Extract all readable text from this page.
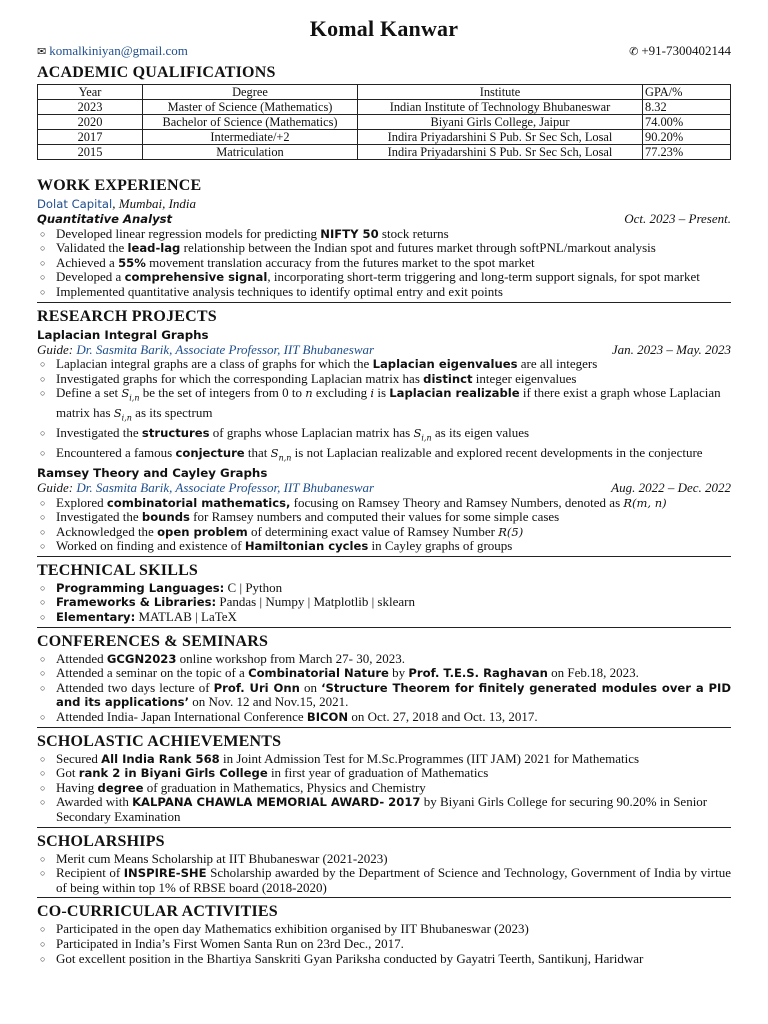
Komal Kanwar
✉ komalkiniyan@gmail.com	✆ +91-7300402144
ACADEMIC QUALIFICATIONS
Year	Degree	Institute	GPA/%
2023	Master of Science (Mathematics)	Indian Institute of Technology Bhubaneswar	8.32
2020	Bachelor of Science (Mathematics)	Biyani Girls College, Jaipur	74.00%
2017	Intermediate/+2	Indira Priyadarshini S Pub. Sr Sec Sch, Losal	90.20%
2015	Matriculation	Indira Priyadarshini S Pub. Sr Sec Sch, Losal	77.23%
WORK EXPERIENCE
Dolat Capital, Mumbai, India
Quantitative Analyst	Oct. 2023 – Present.
○ Developed linear regression models for predicting NIFTY 50 stock returns
○ Validated the lead-lag relationship between the Indian spot and futures market through softPNL/markout analysis
○ Achieved a 55% movement translation accuracy from the futures market to the spot market
○ Developed a comprehensive signal, incorporating short-term triggering and long-term support signals, for spot market
○ Implemented quantitative analysis techniques to identify optimal entry and exit points
RESEARCH PROJECTS
Laplacian Integral Graphs
Guide: Dr. Sasmita Barik, Associate Professor, IIT Bhubaneswar	Jan. 2023 – May. 2023
○ Laplacian integral graphs are a class of graphs for which the Laplacian eigenvalues are all integers
○ Investigated graphs for which the corresponding Laplacian matrix has distinct integer eigenvalues
○ Define a set $S_{i,n}$ be the set of integers from 0 to n excluding i is Laplacian realizable if there exist a graph whose Laplacian matrix has $S_{i,n}$ as its spectrum
○ Investigated the structures of graphs whose Laplacian matrix has $S_{i,n}$ as its eigen values
○ Encountered a famous conjecture that $S_{n,n}$ is not Laplacian realizable and explored recent developments in the conjecture
Ramsey Theory and Cayley Graphs
Guide: Dr. Sasmita Barik, Associate Professor, IIT Bhubaneswar	Aug. 2022 – Dec. 2022
○ Explored combinatorial mathematics, focusing on Ramsey Theory and Ramsey Numbers, denoted as R(m, n)
○ Investigated the bounds for Ramsey numbers and computed their values for some simple cases
○ Acknowledged the open problem of determining exact value of Ramsey Number R(5)
○ Worked on finding and existence of Hamiltonian cycles in Cayley graphs of groups
TECHNICAL SKILLS
○ Programming Languages: C | Python
○ Frameworks & Libraries: Pandas | Numpy | Matplotlib | sklearn
○ Elementary: MATLAB | LaTeX
CONFERENCES & SEMINARS
○ Attended GCGN2023 online workshop from March 27- 30, 2023.
○ Attended a seminar on the topic of a Combinatorial Nature by Prof. T.E.S. Raghavan on Feb.18, 2023.
○ Attended two days lecture of Prof. Uri Onn on ‘Structure Theorem for finitely generated modules over a PID and its applications’ on Nov. 12 and Nov.15, 2021.
○ Attended India- Japan International Conference BICON on Oct. 27, 2018 and Oct. 13, 2017.
SCHOLASTIC ACHIEVEMENTS
○ Secured All India Rank 568 in Joint Admission Test for M.Sc.Programmes (IIT JAM) 2021 for Mathematics
○ Got rank 2 in Biyani Girls College in first year of graduation of Mathematics
○ Having degree of graduation in Mathematics, Physics and Chemistry
○ Awarded with KALPANA CHAWLA MEMORIAL AWARD- 2017 by Biyani Girls College for securing 90.20% in Senior Secondary Examination
SCHOLARSHIPS
○ Merit cum Means Scholarship at IIT Bhubaneswar (2021-2023)
○ Recipient of INSPIRE-SHE Scholarship awarded by the Department of Science and Technology, Government of India by virtue of being within top 1% of RBSE board (2018-2020)
CO-CURRICULAR ACTIVITIES
○ Participated in the open day Mathematics exhibition organised by IIT Bhubaneswar (2023)
○ Participated in India’s First Women Santa Run on 23rd Dec., 2017.
○ Got excellent position in the Bhartiya Sanskriti Gyan Pariksha conducted by Gayatri Teerth, Santikunj, Haridwar
